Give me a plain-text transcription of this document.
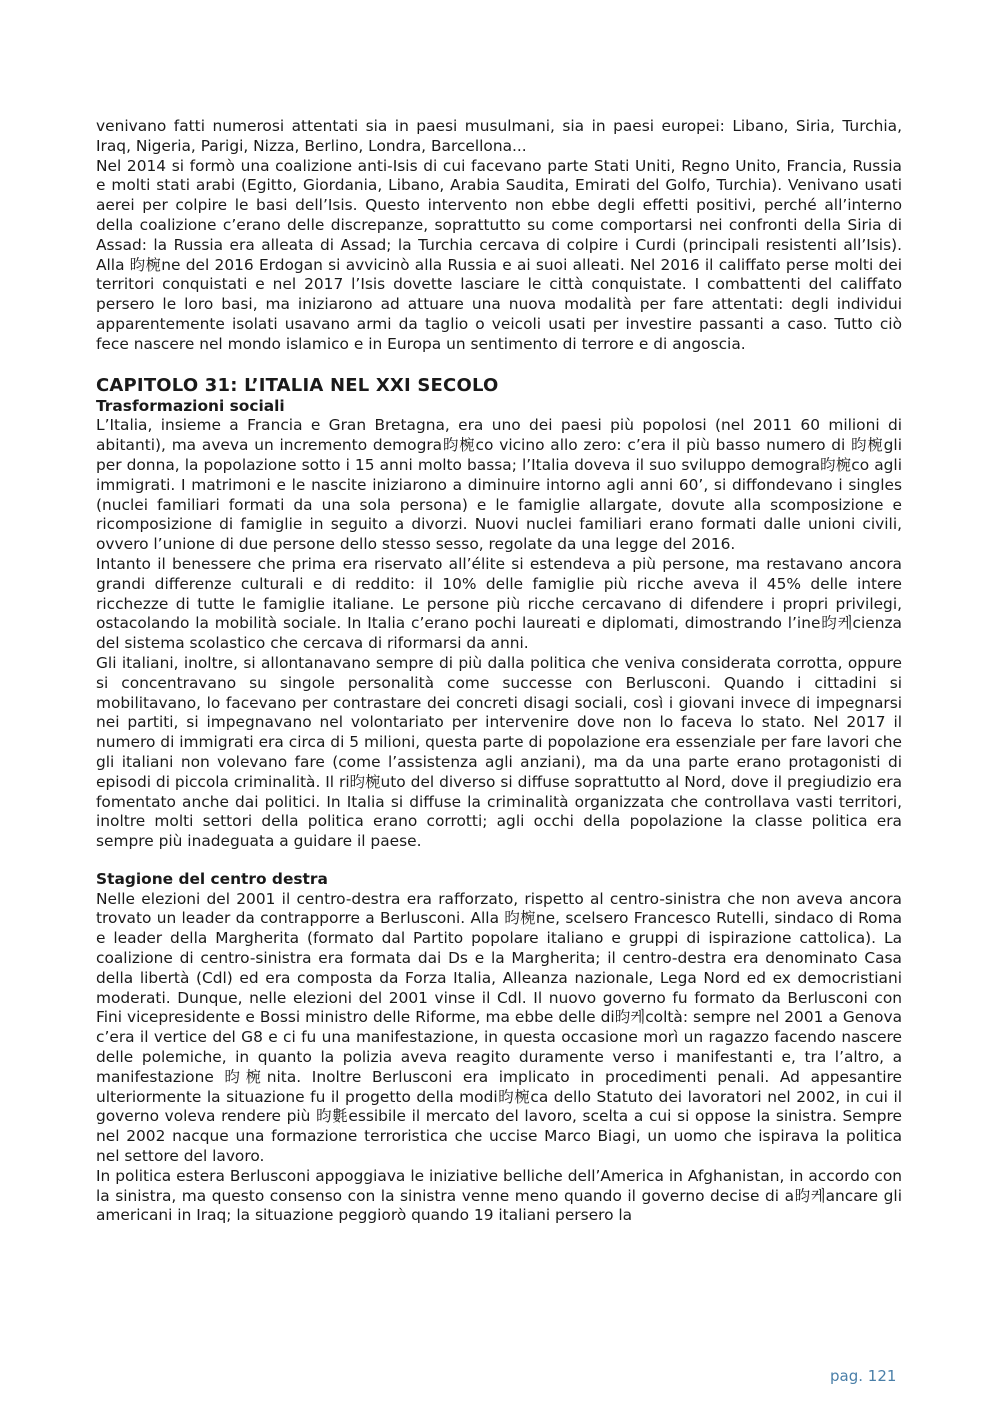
venivano fatti numerosi attentati sia in paesi musulmani, sia in paesi europei: Libano, Siria, Turchia, Iraq, Nigeria, Parigi, Nizza, Berlino, Londra, Barcellona...

Nel 2014 si formò una coalizione anti-Isis di cui facevano parte Stati Uniti, Regno Unito, Francia, Russia e molti stati arabi (Egitto, Giordania, Libano, Arabia Saudita, Emirati del Golfo, Turchia). Venivano usati aerei per colpire le basi dell’Isis. Questo intervento non ebbe degli effetti positivi, perché all’interno della coalizione c’erano delle discrepanze, soprattutto su come comportarsi nei confronti della Siria di Assad: la Russia era alleata di Assad; la Turchia cercava di colpire i Curdi (principali resistenti all’Isis). Alla 昀椀ne del 2016 Erdogan si avvicinò alla Russia e ai suoi alleati. Nel 2016 il califfato perse molti dei territori conquistati e nel 2017 l’Isis dovette lasciare le città conquistate. I combattenti del califfato persero le loro basi, ma iniziarono ad attuare una nuova modalità per fare attentati: degli individui apparentemente isolati usavano armi da taglio o veicoli usati per investire passanti a caso. Tutto ciò fece nascere nel mondo islamico e in Europa un sentimento di terrore e di angoscia.

CAPITOLO 31: L’ITALIA NEL XXI SECOLO
Trasformazioni sociali

L’Italia, insieme a Francia e Gran Bretagna, era uno dei paesi più popolosi (nel 2011 60 milioni di abitanti), ma aveva un incremento demogra昀椀co vicino allo zero: c’era il più basso numero di 昀椀gli per donna, la popolazione sotto i 15 anni molto bassa; l’Italia doveva il suo sviluppo demogra昀椀co agli immigrati. I matrimoni e le nascite iniziarono a diminuire intorno agli anni 60’, si diffondevano i singles (nuclei familiari formati da una sola persona) e le famiglie allargate, dovute alla scomposizione e ricomposizione di famiglie in seguito a divorzi. Nuovi nuclei familiari erano formati dalle unioni civili, ovvero l’unione di due persone dello stesso sesso, regolate da una legge del 2016.

Intanto il benessere che prima era riservato all’élite si estendeva a più persone, ma restavano ancora grandi differenze culturali e di reddito: il 10% delle famiglie più ricche aveva il 45% delle intere ricchezze di tutte le famiglie italiane. Le persone più ricche cercavano di difendere i propri privilegi, ostacolando la mobilità sociale. In Italia c’erano pochi laureati e diplomati, dimostrando l’ine昀케cienza del sistema scolastico che cercava di riformarsi da anni.

Gli italiani, inoltre, si allontanavano sempre di più dalla politica che veniva considerata corrotta, oppure si concentravano su singole personalità come successe con Berlusconi. Quando i cittadini si mobilitavano, lo facevano per contrastare dei concreti disagi sociali, così i giovani invece di impegnarsi nei partiti, si impegnavano nel volontariato per intervenire dove non lo faceva lo stato. Nel 2017 il numero di immigrati era circa di 5 milioni, questa parte di popolazione era essenziale per fare lavori che gli italiani non volevano fare (come l’assistenza agli anziani), ma da una parte erano protagonisti di episodi di piccola criminalità. Il ri昀椀uto del diverso si diffuse soprattutto al Nord, dove il pregiudizio era fomentato anche dai politici. In Italia si diffuse la criminalità organizzata che controllava vasti territori, inoltre molti settori della politica erano corrotti; agli occhi della popolazione la classe politica era sempre più inadeguata a guidare il paese.

Stagione del centro destra

Nelle elezioni del 2001 il centro-destra era rafforzato, rispetto al centro-sinistra che non aveva ancora trovato un leader da contrapporre a Berlusconi. Alla 昀椀ne, scelsero Francesco Rutelli, sindaco di Roma e leader della Margherita (formato dal Partito popolare italiano e gruppi di ispirazione cattolica). La coalizione di centro-sinistra era formata dai Ds e la Margherita; il centro-destra era denominato Casa della libertà (Cdl) ed era composta da Forza Italia, Alleanza nazionale, Lega Nord ed ex democristiani moderati. Dunque, nelle elezioni del 2001 vinse il Cdl. Il nuovo governo fu formato da Berlusconi con Fini vicepresidente e Bossi ministro delle Riforme, ma ebbe delle di昀케coltà: sempre nel 2001 a Genova c’era il vertice del G8 e ci fu una manifestazione, in questa occasione morì un ragazzo facendo nascere delle polemiche, in quanto la polizia aveva reagito duramente verso i manifestanti e, tra l’altro, a manifestazione 昀椀nita. Inoltre Berlusconi era implicato in procedimenti penali. Ad appesantire ulteriormente la situazione fu il progetto della modi昀椀ca dello Statuto dei lavoratori nel 2002, in cui il governo voleva rendere più 昀氀essibile il mercato del lavoro, scelta a cui si oppose la sinistra. Sempre nel 2002 nacque una formazione terroristica che uccise Marco Biagi, un uomo che ispirava la politica nel settore del lavoro.

In politica estera Berlusconi appoggiava le iniziative belliche dell’America in Afghanistan, in accordo con la sinistra, ma questo consenso con la sinistra venne meno quando il governo decise di a昀케ancare gli americani in Iraq; la situazione peggiorò quando 19 italiani persero la

pag. 121
